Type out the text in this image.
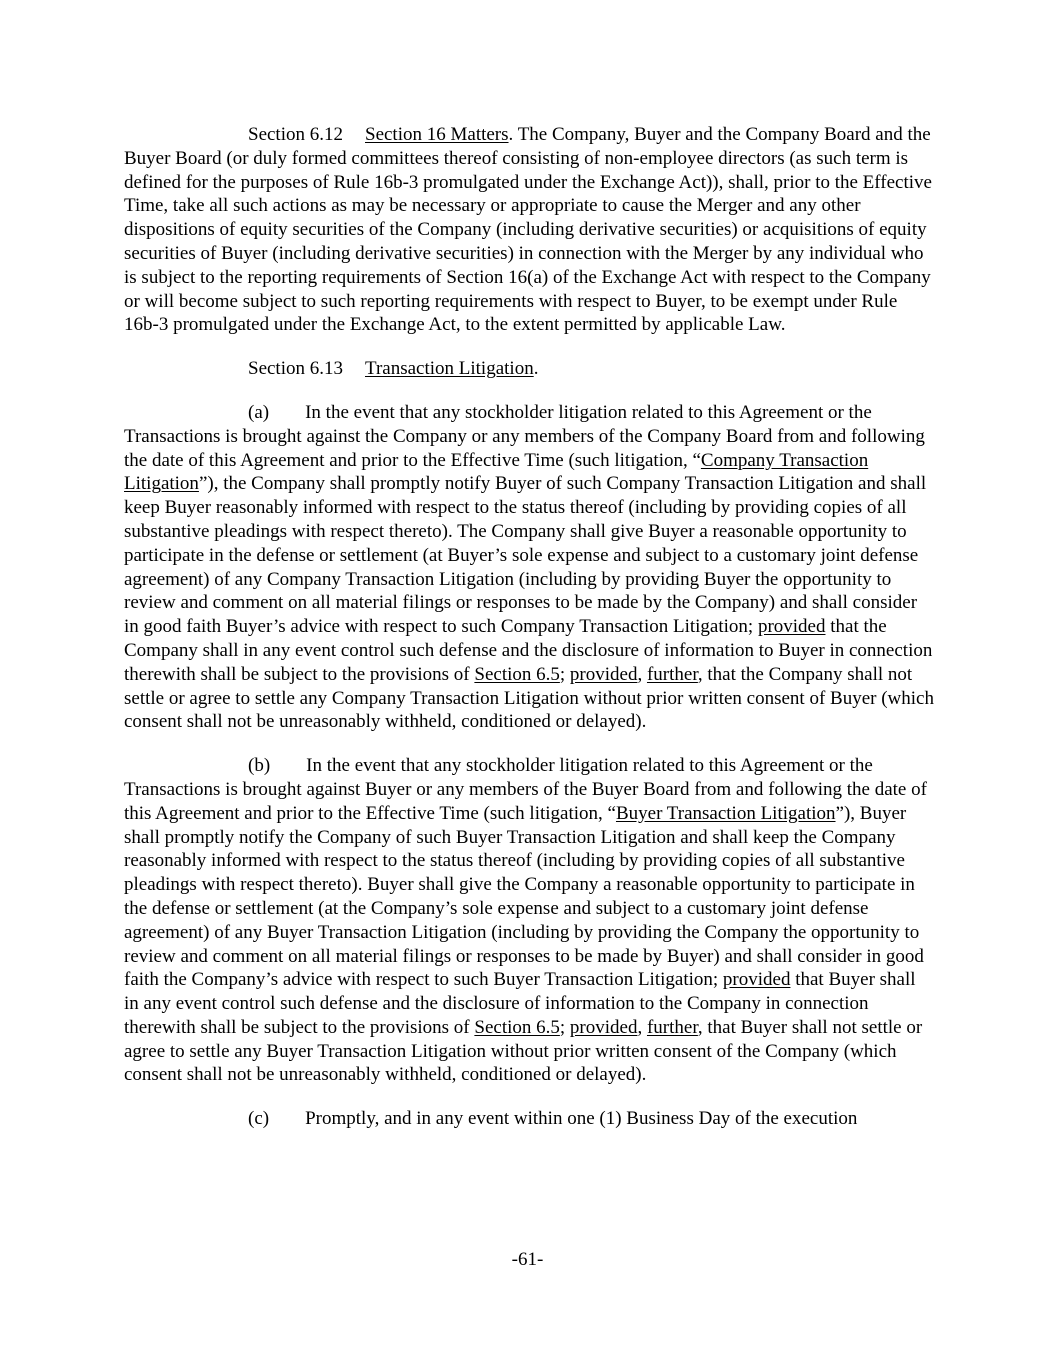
Section 6.12 Section 16 Matters. The Company, Buyer and the Company Board and the Buyer Board (or duly formed committees thereof consisting of non-employee directors (as such term is defined for the purposes of Rule 16b-3 promulgated under the Exchange Act)), shall, prior to the Effective Time, take all such actions as may be necessary or appropriate to cause the Merger and any other dispositions of equity securities of the Company (including derivative securities) or acquisitions of equity securities of Buyer (including derivative securities) in connection with the Merger by any individual who is subject to the reporting requirements of Section 16(a) of the Exchange Act with respect to the Company or will become subject to such reporting requirements with respect to Buyer, to be exempt under Rule 16b-3 promulgated under the Exchange Act, to the extent permitted by applicable Law.

Section 6.13 Transaction Litigation.

(a) In the event that any stockholder litigation related to this Agreement or the Transactions is brought against the Company or any members of the Company Board from and following the date of this Agreement and prior to the Effective Time (such litigation, “Company Transaction Litigation”), the Company shall promptly notify Buyer of such Company Transaction Litigation and shall keep Buyer reasonably informed with respect to the status thereof (including by providing copies of all substantive pleadings with respect thereto). The Company shall give Buyer a reasonable opportunity to participate in the defense or settlement (at Buyer’s sole expense and subject to a customary joint defense agreement) of any Company Transaction Litigation (including by providing Buyer the opportunity to review and comment on all material filings or responses to be made by the Company) and shall consider in good faith Buyer’s advice with respect to such Company Transaction Litigation; provided that the Company shall in any event control such defense and the disclosure of information to Buyer in connection therewith shall be subject to the provisions of Section 6.5; provided, further, that the Company shall not settle or agree to settle any Company Transaction Litigation without prior written consent of Buyer (which consent shall not be unreasonably withheld, conditioned or delayed).

(b) In the event that any stockholder litigation related to this Agreement or the Transactions is brought against Buyer or any members of the Buyer Board from and following the date of this Agreement and prior to the Effective Time (such litigation, “Buyer Transaction Litigation”), Buyer shall promptly notify the Company of such Buyer Transaction Litigation and shall keep the Company reasonably informed with respect to the status thereof (including by providing copies of all substantive pleadings with respect thereto). Buyer shall give the Company a reasonable opportunity to participate in the defense or settlement (at the Company’s sole expense and subject to a customary joint defense agreement) of any Buyer Transaction Litigation (including by providing the Company the opportunity to review and comment on all material filings or responses to be made by Buyer) and shall consider in good faith the Company’s advice with respect to such Buyer Transaction Litigation; provided that Buyer shall in any event control such defense and the disclosure of information to the Company in connection therewith shall be subject to the provisions of Section 6.5; provided, further, that Buyer shall not settle or agree to settle any Buyer Transaction Litigation without prior written consent of the Company (which consent shall not be unreasonably withheld, conditioned or delayed).

(c) Promptly, and in any event within one (1) Business Day of the execution

-61-
